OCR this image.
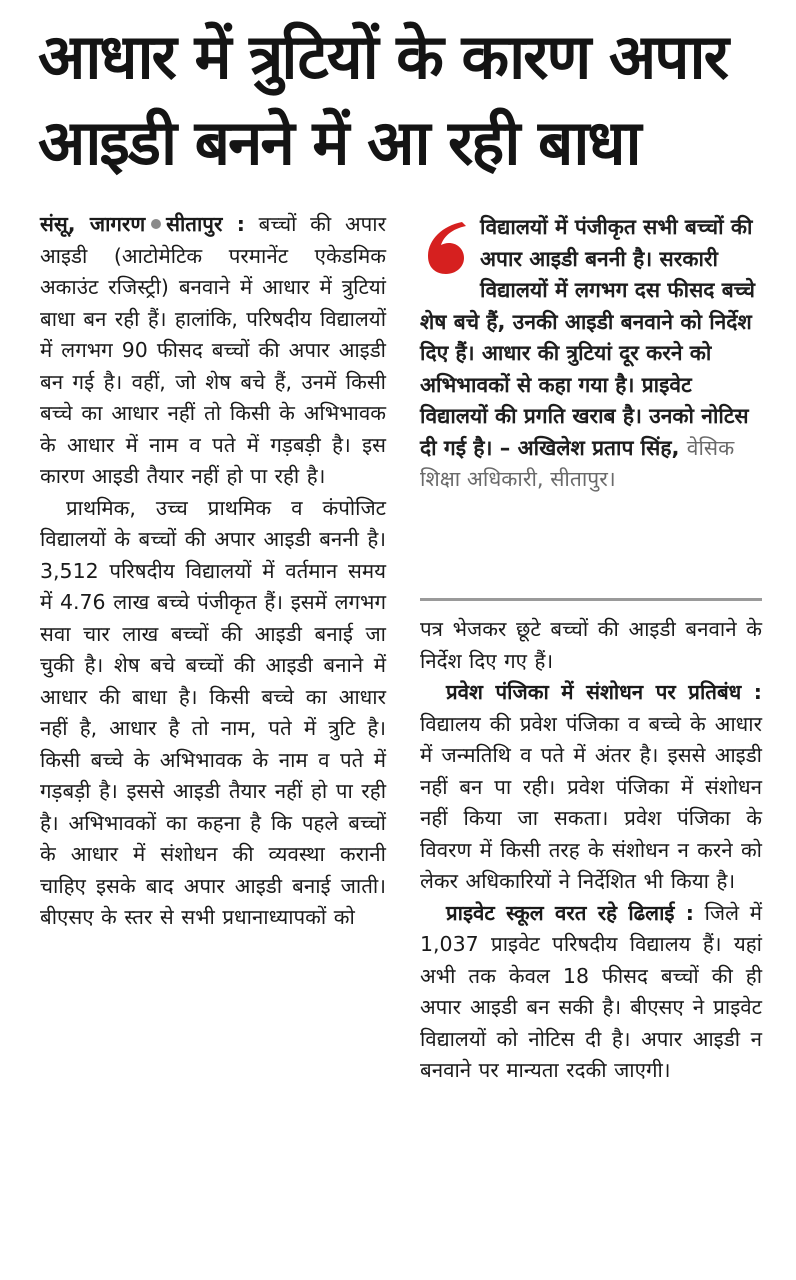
आधार में त्रुटियों के कारण अपार आइडी बनने में आ रही बाधा

संसू, जागरण सीतापुर : बच्चों की अपार आइडी (आटोमेटिक परमानेंट एकेडमिक अकाउंट रजिस्ट्री) बनवाने में आधार में त्रुटियां बाधा बन रही हैं। हालांकि, परिषदीय विद्यालयों में लगभग 90 फीसद बच्चों की अपार आइडी बन गई है। वहीं, जो शेष बचे हैं, उनमें किसी बच्चे का आधार नहीं तो किसी के अभिभावक के आधार में नाम व पते में गड़बड़ी है। इस कारण आइडी तैयार नहीं हो पा रही है।

प्राथमिक, उच्च प्राथमिक व कंपोजिट विद्यालयों के बच्चों की अपार आइडी बननी है। 3,512 परिषदीय विद्यालयों में वर्तमान समय में 4.76 लाख बच्चे पंजीकृत हैं। इसमें लगभग सवा चार लाख बच्चों की आइडी बनाई जा चुकी है। शेष बचे बच्चों की आइडी बनाने में आधार की बाधा है। किसी बच्चे का आधार नहीं है, आधार है तो नाम, पते में त्रुटि है। किसी बच्चे के अभिभावक के नाम व पते में गड़बड़ी है। इससे आइडी तैयार नहीं हो पा रही है। अभिभावकों का कहना है कि पहले बच्चों के आधार में संशोधन की व्यवस्था करानी चाहिए इसके बाद अपार आइडी बनाई जाती। बीएसए के स्तर से सभी प्रधानाध्यापकों को

विद्यालयों में पंजीकृत सभी बच्चों की अपार आइडी बननी है। सरकारी विद्यालयों में लगभग दस फीसद बच्चे शेष बचे हैं, उनकी आइडी बनवाने को निर्देश दिए हैं। आधार की त्रुटियां दूर करने को अभिभावकों से कहा गया है। प्राइवेट विद्यालयों की प्रगति खराब है। उनको नोटिस दी गई है। – अखिलेश प्रताप सिंह, वेसिक शिक्षा अधिकारी, सीतापुर।

पत्र भेजकर छूटे बच्चों की आइडी बनवाने के निर्देश दिए गए हैं।

प्रवेश पंजिका में संशोधन पर प्रतिबंध : विद्यालय की प्रवेश पंजिका व बच्चे के आधार में जन्मतिथि व पते में अंतर है। इससे आइडी नहीं बन पा रही। प्रवेश पंजिका में संशोधन नहीं किया जा सकता। प्रवेश पंजिका के विवरण में किसी तरह के संशोधन न करने को लेकर अधिकारियों ने निर्देशित भी किया है।

प्राइवेट स्कूल वरत रहे ढिलाई : जिले में 1,037 प्राइवेट परिषदीय विद्यालय हैं। यहां अभी तक केवल 18 फीसद बच्चों की ही अपार आइडी बन सकी है। बीएसए ने प्राइवेट विद्यालयों को नोटिस दी है। अपार आइडी न बनवाने पर मान्यता रदकी जाएगी।
